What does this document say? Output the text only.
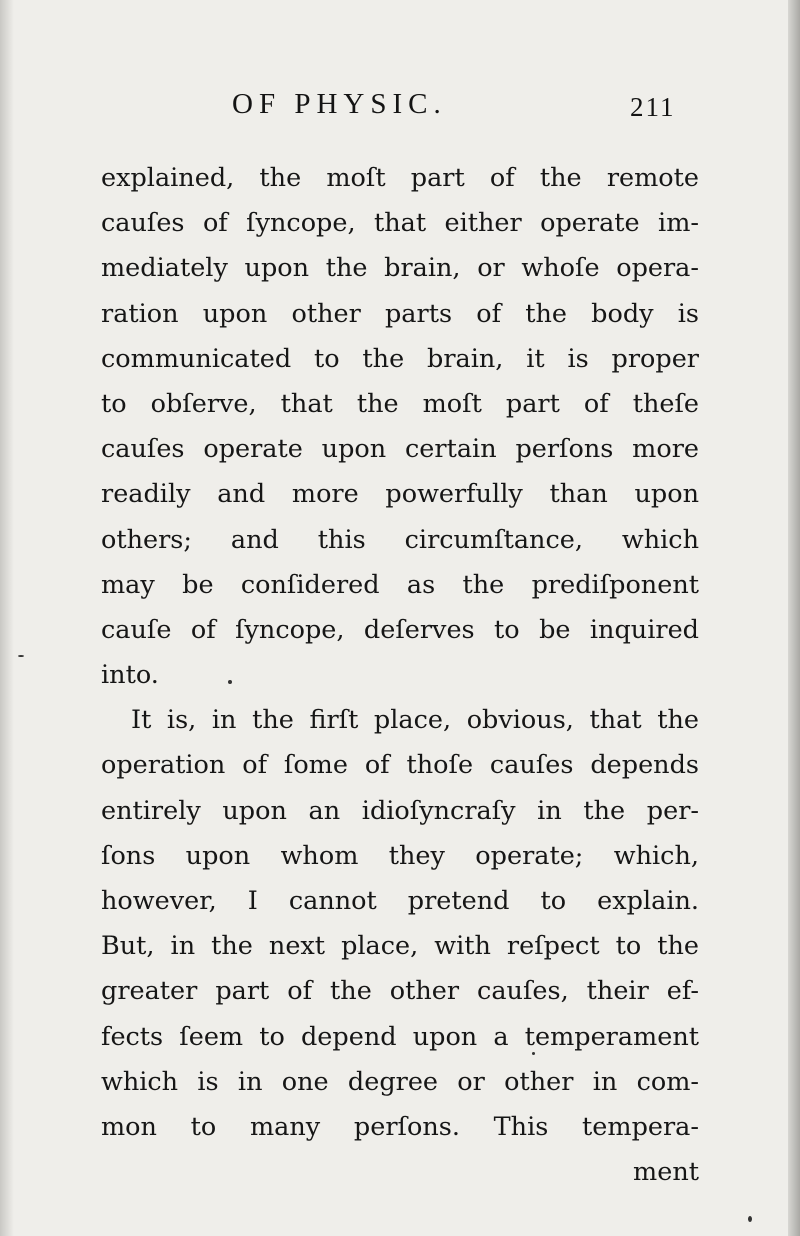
OF PHYSIC.	211
explained, the moſt part of the remote
cauſes of ſyncope, that either operate im-
mediately upon the brain, or whoſe opera-
ration upon other parts of the body is
communicated to the brain, it is proper
to obſerve, that the moſt part of theſe
cauſes operate upon certain perſons more
readily and more powerfully than upon
others; and this circumſtance, which
may be conſidered as the prediſponent
cauſe of ſyncope, deſerves to be inquired
into.
It is, in the firſt place, obvious, that the
operation of ſome of thoſe cauſes depends
entirely upon an idioſyncraſy in the per-
ſons upon whom they operate; which,
however, I cannot pretend to explain.
But, in the next place, with reſpect to the
greater part of the other cauſes, their ef-
fects ſeem to depend upon a temperament
which is in one degree or other in com-
mon to many perſons. This tempera-
ment
